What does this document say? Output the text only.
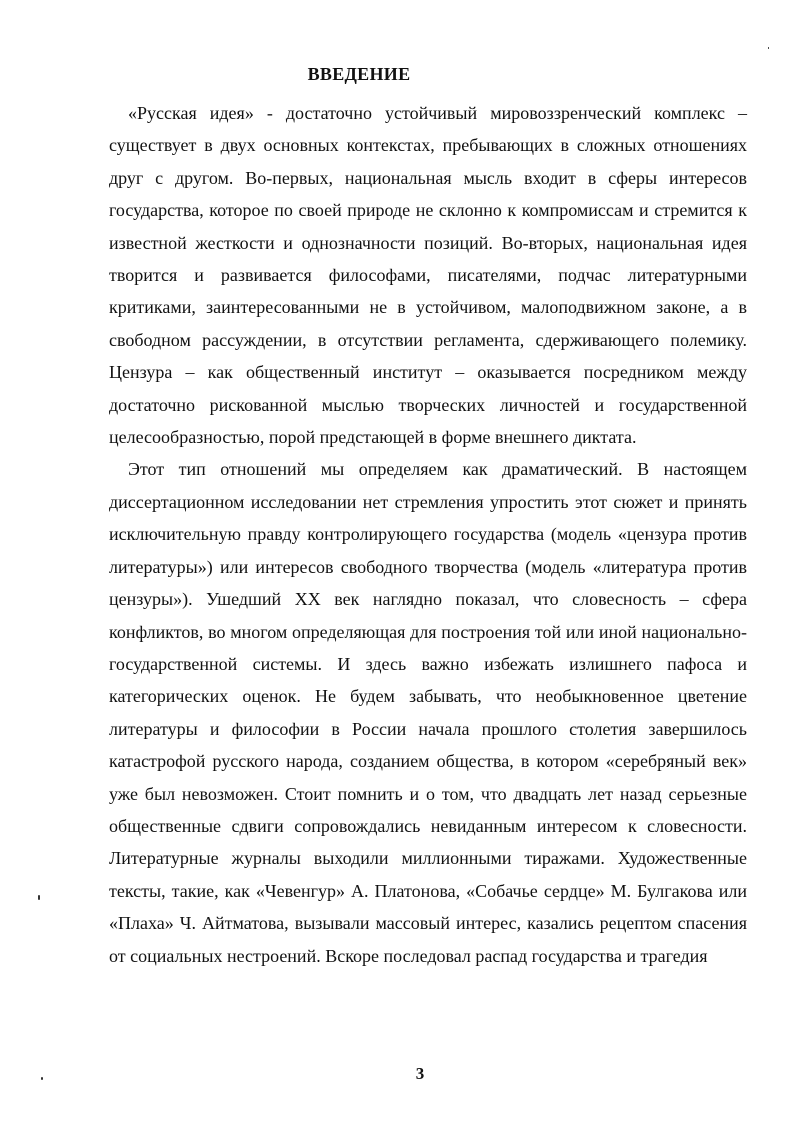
ВВЕДЕНИЕ

«Русская идея» - достаточно устойчивый мировоззренческий комплекс – существует в двух основных контекстах, пребывающих в сложных отношениях друг с другом. Во-первых, национальная мысль входит в сферы интересов государства, которое по своей природе не склонно к компромиссам и стремится к известной жесткости и однозначности позиций. Во-вторых, национальная идея творится и развивается философами, писателями, подчас литературными критиками, заинтересованными не в устойчивом, малоподвижном законе, а в свободном рассуждении, в отсутствии регламента, сдерживающего полемику. Цензура – как общественный институт – оказывается посредником между достаточно рискованной мыслью творческих личностей и государственной целесообразностью, порой предстающей в форме внешнего диктата.

Этот тип отношений мы определяем как драматический. В настоящем диссертационном исследовании нет стремления упростить этот сюжет и принять исключительную правду контролирующего государства (модель «цензура против литературы») или интересов свободного творчества (модель «литература против цензуры»). Ушедший XX век наглядно показал, что словесность – сфера конфликтов, во многом определяющая для построения той или иной национально-государственной системы. И здесь важно избежать излишнего пафоса и категорических оценок. Не будем забывать, что необыкновенное цветение литературы и философии в России начала прошлого столетия завершилось катастрофой русского народа, созданием общества, в котором «серебряный век» уже был невозможен. Стоит помнить и о том, что двадцать лет назад серьезные общественные сдвиги сопровождались невиданным интересом к словесности. Литературные журналы выходили миллионными тиражами. Художественные тексты, такие, как «Чевенгур» А. Платонова, «Собачье сердце» М. Булгакова или «Плаха» Ч. Айтматова, вызывали массовый интерес, казались рецептом спасения от социальных нестроений. Вскоре последовал распад государства и трагедия

3
